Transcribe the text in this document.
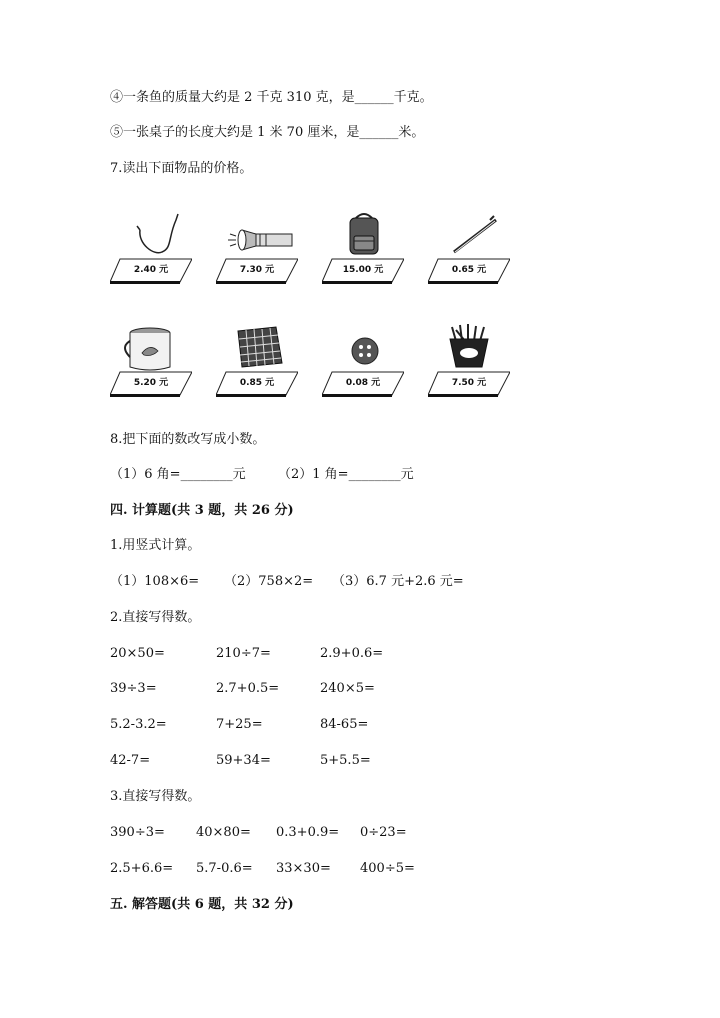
④一条鱼的质量大约是 2 千克 310 克，是______千克。
⑤一张桌子的长度大约是 1 米 70 厘米，是______米。
7.读出下面物品的价格。
2.40 元	7.30 元	15.00 元	0.65 元
5.20 元	0.85 元	0.08 元	7.50 元
8.把下面的数改写成小数。
（1）6 角=________元 （2）1 角=________元
四. 计算题(共 3 题，共 26 分)
1.用竖式计算。
（1）108×6= （2）758×2= （3）6.7 元+2.6 元=
2.直接写得数。
20×50=	210÷7=	2.9+0.6=
39÷3=	2.7+0.5=	240×5=
5.2-3.2=	7+25=	84-65=
42-7=	59+34=	5+5.5=
3.直接写得数。
390÷3= 40×80= 0.3+0.9= 0÷23=
2.5+6.6= 5.7-0.6= 33×30= 400÷5=
五. 解答题(共 6 题，共 32 分)
